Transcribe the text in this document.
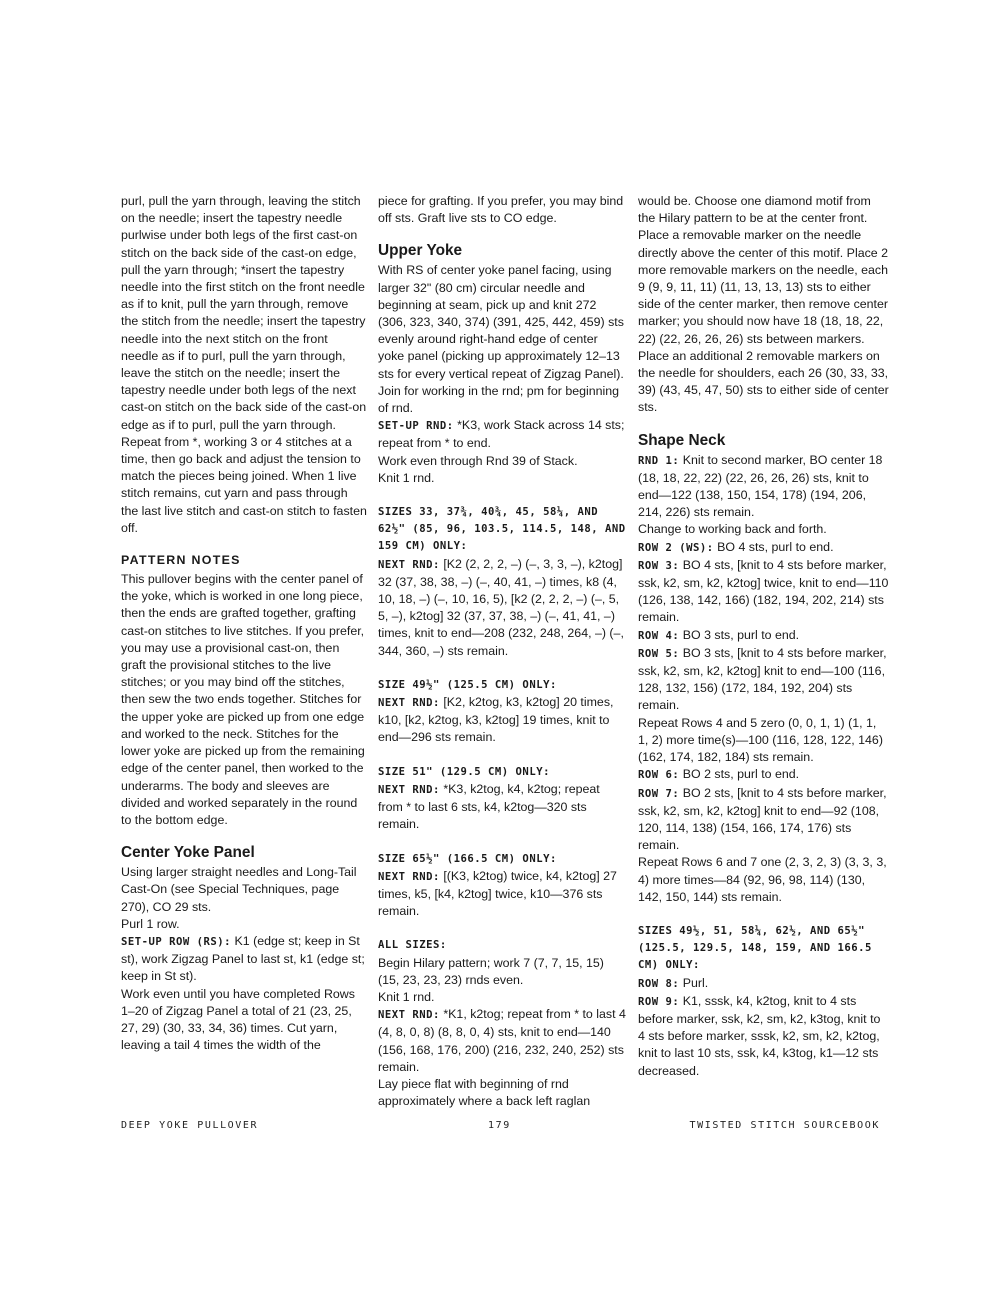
purl, pull the yarn through, leaving the stitch on the needle; insert the tapestry needle purlwise under both legs of the first cast-on stitch on the back side of the cast-on edge, pull the yarn through; *insert the tapestry needle into the first stitch on the front needle as if to knit, pull the yarn through, remove the stitch from the needle; insert the tapestry needle into the next stitch on the front needle as if to purl, pull the yarn through, leave the stitch on the needle; insert the tapestry needle under both legs of the next cast-on stitch on the back side of the cast-on edge as if to purl, pull the yarn through. Repeat from *, working 3 or 4 stitches at a time, then go back and adjust the tension to match the pieces being joined. When 1 live stitch remains, cut yarn and pass through the last live stitch and cast-on stitch to fasten off.

PATTERN NOTES

This pullover begins with the center panel of the yoke, which is worked in one long piece, then the ends are grafted together, grafting cast-on stitches to live stitches. If you prefer, you may use a provisional cast-on, then graft the provisional stitches to the live stitches; or you may bind off the stitches, then sew the two ends together. Stitches for the upper yoke are picked up from one edge and worked to the neck. Stitches for the lower yoke are picked up from the remaining edge of the center panel, then worked to the underarms. The body and sleeves are divided and worked separately in the round to the bottom edge.

Center Yoke Panel

Using larger straight needles and Long-Tail Cast-On (see Special Techniques, page 270), CO 29 sts.

Purl 1 row.

SET-UP ROW (RS): K1 (edge st; keep in St st), work Zigzag Panel to last st, k1 (edge st; keep in St st).

Work even until you have completed Rows 1–20 of Zigzag Panel a total of 21 (23, 25, 27, 29) (30, 33, 34, 36) times. Cut yarn, leaving a tail 4 times the width of the

piece for grafting. If you prefer, you may bind off sts. Graft live sts to CO edge.

Upper Yoke

With RS of center yoke panel facing, using larger 32" (80 cm) circular needle and beginning at seam, pick up and knit 272 (306, 323, 340, 374) (391, 425, 442, 459) sts evenly around right-hand edge of center yoke panel (picking up approximately 12–13 sts for every vertical repeat of Zigzag Panel). Join for working in the rnd; pm for beginning of rnd.

SET-UP RND: *K3, work Stack across 14 sts; repeat from * to end.

Work even through Rnd 39 of Stack.

Knit 1 rnd.

SIZES 33, 37¾, 40¾, 45, 58¼, AND 62½" (85, 96, 103.5, 114.5, 148, AND 159 CM) ONLY:

NEXT RND: [K2 (2, 2, 2, –) (–, 3, 3, –), k2tog] 32 (37, 38, 38, –) (–, 40, 41, –) times, k8 (4, 10, 18, –) (–, 10, 16, 5), [k2 (2, 2, 2, –) (–, 5, 5, –), k2tog] 32 (37, 37, 38, –) (–, 41, 41, –) times, knit to end—208 (232, 248, 264, –) (–, 344, 360, –) sts remain.

SIZE 49½" (125.5 CM) ONLY:

NEXT RND: [K2, k2tog, k3, k2tog] 20 times, k10, [k2, k2tog, k3, k2tog] 19 times, knit to end—296 sts remain.

SIZE 51" (129.5 CM) ONLY:

NEXT RND: *K3, k2tog, k4, k2tog; repeat from * to last 6 sts, k4, k2tog—320 sts remain.

SIZE 65½" (166.5 CM) ONLY:

NEXT RND: [(K3, k2tog) twice, k4, k2tog] 27 times, k5, [k4, k2tog] twice, k10—376 sts remain.

ALL SIZES:

Begin Hilary pattern; work 7 (7, 7, 15, 15) (15, 23, 23, 23) rnds even.

Knit 1 rnd.

NEXT RND: *K1, k2tog; repeat from * to last 4 (4, 8, 0, 8) (8, 8, 0, 4) sts, knit to end—140 (156, 168, 176, 200) (216, 232, 240, 252) sts remain.

Lay piece flat with beginning of rnd approximately where a back left raglan

would be. Choose one diamond motif from the Hilary pattern to be at the center front. Place a removable marker on the needle directly above the center of this motif. Place 2 more removable markers on the needle, each 9 (9, 9, 11, 11) (11, 13, 13, 13) sts to either side of the center marker, then remove center marker; you should now have 18 (18, 18, 22, 22) (22, 26, 26, 26) sts between markers.

Place an additional 2 removable markers on the needle for shoulders, each 26 (30, 33, 33, 39) (43, 45, 47, 50) sts to either side of center sts.

Shape Neck

RND 1: Knit to second marker, BO center 18 (18, 18, 22, 22) (22, 26, 26, 26) sts, knit to end—122 (138, 150, 154, 178) (194, 206, 214, 226) sts remain.

Change to working back and forth.

ROW 2 (WS): BO 4 sts, purl to end.

ROW 3: BO 4 sts, [knit to 4 sts before marker, ssk, k2, sm, k2, k2tog] twice, knit to end—110 (126, 138, 142, 166) (182, 194, 202, 214) sts remain.

ROW 4: BO 3 sts, purl to end.

ROW 5: BO 3 sts, [knit to 4 sts before marker, ssk, k2, sm, k2, k2tog] knit to end—100 (116, 128, 132, 156) (172, 184, 192, 204) sts remain.

Repeat Rows 4 and 5 zero (0, 0, 1, 1) (1, 1, 1, 2) more time(s)—100 (116, 128, 122, 146) (162, 174, 182, 184) sts remain.

ROW 6: BO 2 sts, purl to end.

ROW 7: BO 2 sts, [knit to 4 sts before marker, ssk, k2, sm, k2, k2tog] knit to end—92 (108, 120, 114, 138) (154, 166, 174, 176) sts remain.

Repeat Rows 6 and 7 one (2, 3, 2, 3) (3, 3, 3, 4) more times—84 (92, 96, 98, 114) (130, 142, 150, 144) sts remain.

SIZES 49½, 51, 58¼, 62½, AND 65½" (125.5, 129.5, 148, 159, AND 166.5 CM) ONLY:

ROW 8: Purl.

ROW 9: K1, sssk, k4, k2tog, knit to 4 sts before marker, ssk, k2, sm, k2, k3tog, knit to 4 sts before marker, sssk, k2, sm, k2, k2tog, knit to last 10 sts, ssk, k4, k3tog, k1—12 sts decreased.

DEEP YOKE PULLOVER	179	TWISTED STITCH SOURCEBOOK
